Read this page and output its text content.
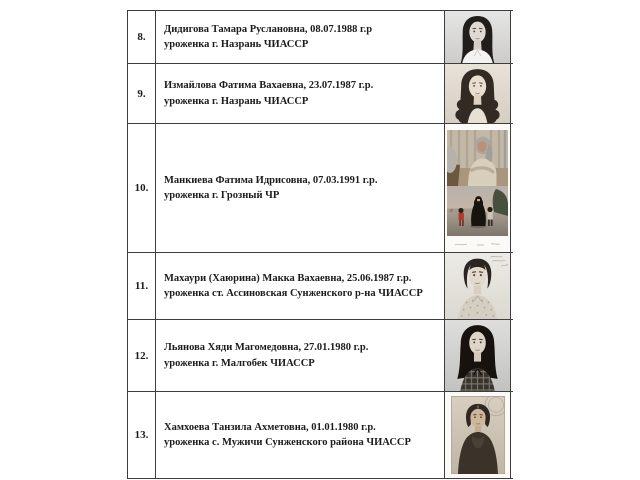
8.
Дидигова Тамара Руслановна, 08.07.1988 г.р
уроженка г. Назрань ЧИАССР
9.
Измайлова Фатима Вахаевна, 23.07.1987 г.р.
уроженка г. Назрань ЧИАССР
10.
Манкиева Фатима Идрисовна, 07.03.1991 г.р.
уроженка г. Грозный ЧР
11.
Махаури (Хаюрина) Макка Вахаевна, 25.06.1987 г.р.
уроженка ст. Ассиновская Сунженского р-на ЧИАССР
12.
Льянова Хяди Магомедовна, 27.01.1980 г.р.
уроженка г. Малгобек ЧИАССР
13.
Хамхоева Танзила Ахметовна, 01.01.1980 г.р.
уроженка с. Мужичи Сунженского района ЧИАССР
